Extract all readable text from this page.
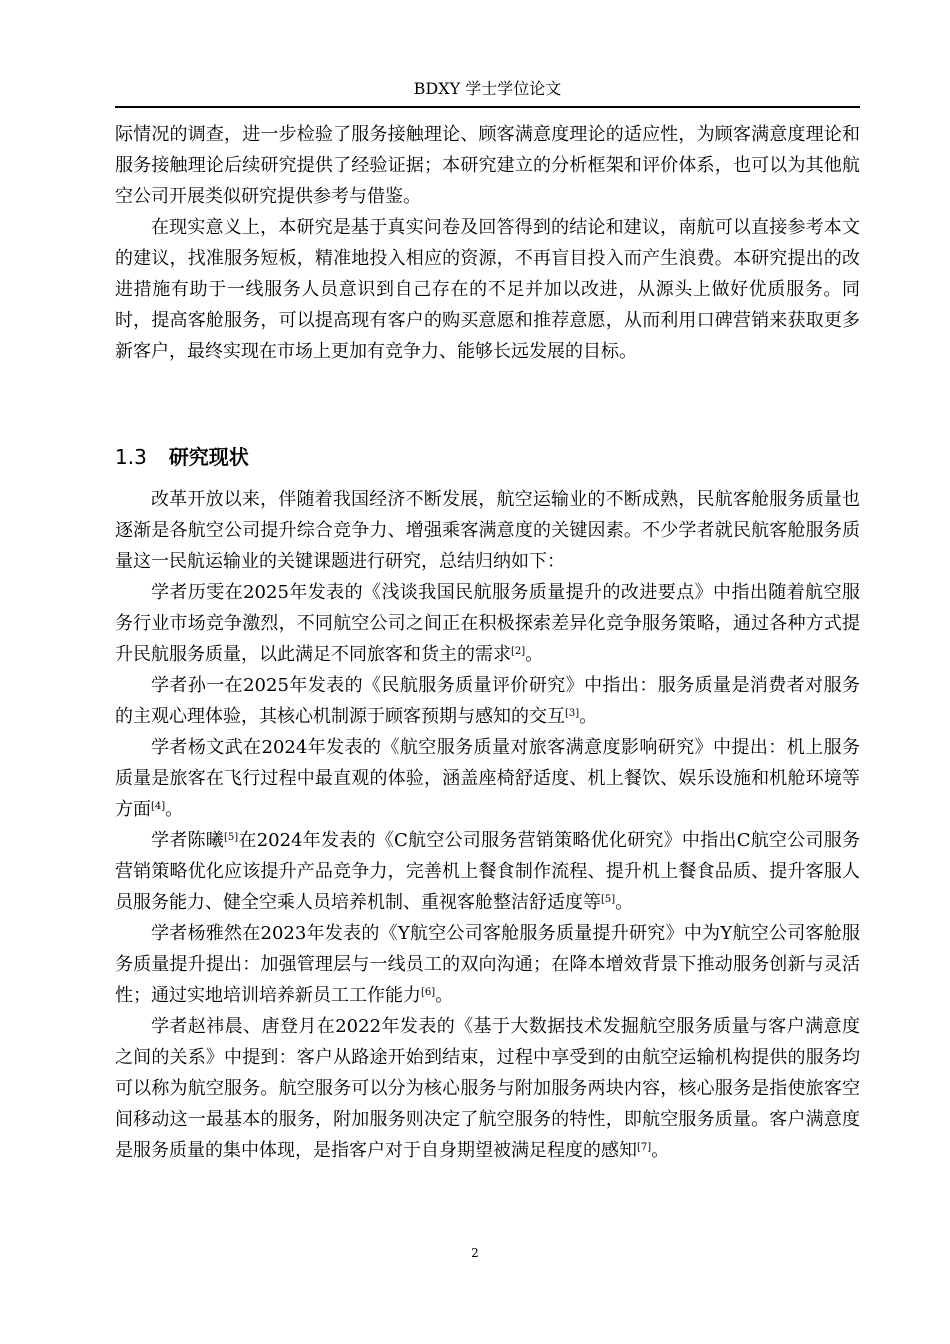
BDXY 学士学位论文

际情况的调查，进一步检验了服务接触理论、顾客满意度理论的适应性，为顾客满意度理论和服务接触理论后续研究提供了经验证据；本研究建立的分析框架和评价体系，也可以为其他航空公司开展类似研究提供参考与借鉴。

在现实意义上，本研究是基于真实问卷及回答得到的结论和建议，南航可以直接参考本文的建议，找准服务短板，精准地投入相应的资源，不再盲目投入而产生浪费。本研究提出的改进措施有助于一线服务人员意识到自己存在的不足并加以改进，从源头上做好优质服务。同时，提高客舱服务，可以提高现有客户的购买意愿和推荐意愿，从而利用口碑营销来获取更多新客户，最终实现在市场上更加有竞争力、能够长远发展的目标。

1.3 研究现状

改革开放以来，伴随着我国经济不断发展，航空运输业的不断成熟，民航客舱服务质量也逐渐是各航空公司提升综合竞争力、增强乘客满意度的关键因素。不少学者就民航客舱服务质量这一民航运输业的关键课题进行研究，总结归纳如下：

学者历雯在2025年发表的《浅谈我国民航服务质量提升的改进要点》中指出随着航空服务行业市场竞争激烈，不同航空公司之间正在积极探索差异化竞争服务策略，通过各种方式提升民航服务质量，以此满足不同旅客和货主的需求[2]。

学者孙一在2025年发表的《民航服务质量评价研究》中指出：服务质量是消费者对服务的主观心理体验，其核心机制源于顾客预期与感知的交互[3]。

学者杨文武在2024年发表的《航空服务质量对旅客满意度影响研究》中提出：机上服务质量是旅客在飞行过程中最直观的体验，涵盖座椅舒适度、机上餐饮、娱乐设施和机舱环境等方面[4]。

学者陈曦[5]在2024年发表的《C航空公司服务营销策略优化研究》中指出C航空公司服务营销策略优化应该提升产品竞争力，完善机上餐食制作流程、提升机上餐食品质、提升客服人员服务能力、健全空乘人员培养机制、重视客舱整洁舒适度等[5]。

学者杨雅然在2023年发表的《Y航空公司客舱服务质量提升研究》中为Y航空公司客舱服务质量提升提出：加强管理层与一线员工的双向沟通；在降本增效背景下推动服务创新与灵活性；通过实地培训培养新员工工作能力[6]。

学者赵祎晨、唐登月在2022年发表的《基于大数据技术发掘航空服务质量与客户满意度之间的关系》中提到：客户从路途开始到结束，过程中享受到的由航空运输机构提供的服务均可以称为航空服务。航空服务可以分为核心服务与附加服务两块内容，核心服务是指使旅客空间移动这一最基本的服务，附加服务则决定了航空服务的特性，即航空服务质量。客户满意度是服务质量的集中体现，是指客户对于自身期望被满足程度的感知[7]。

2
